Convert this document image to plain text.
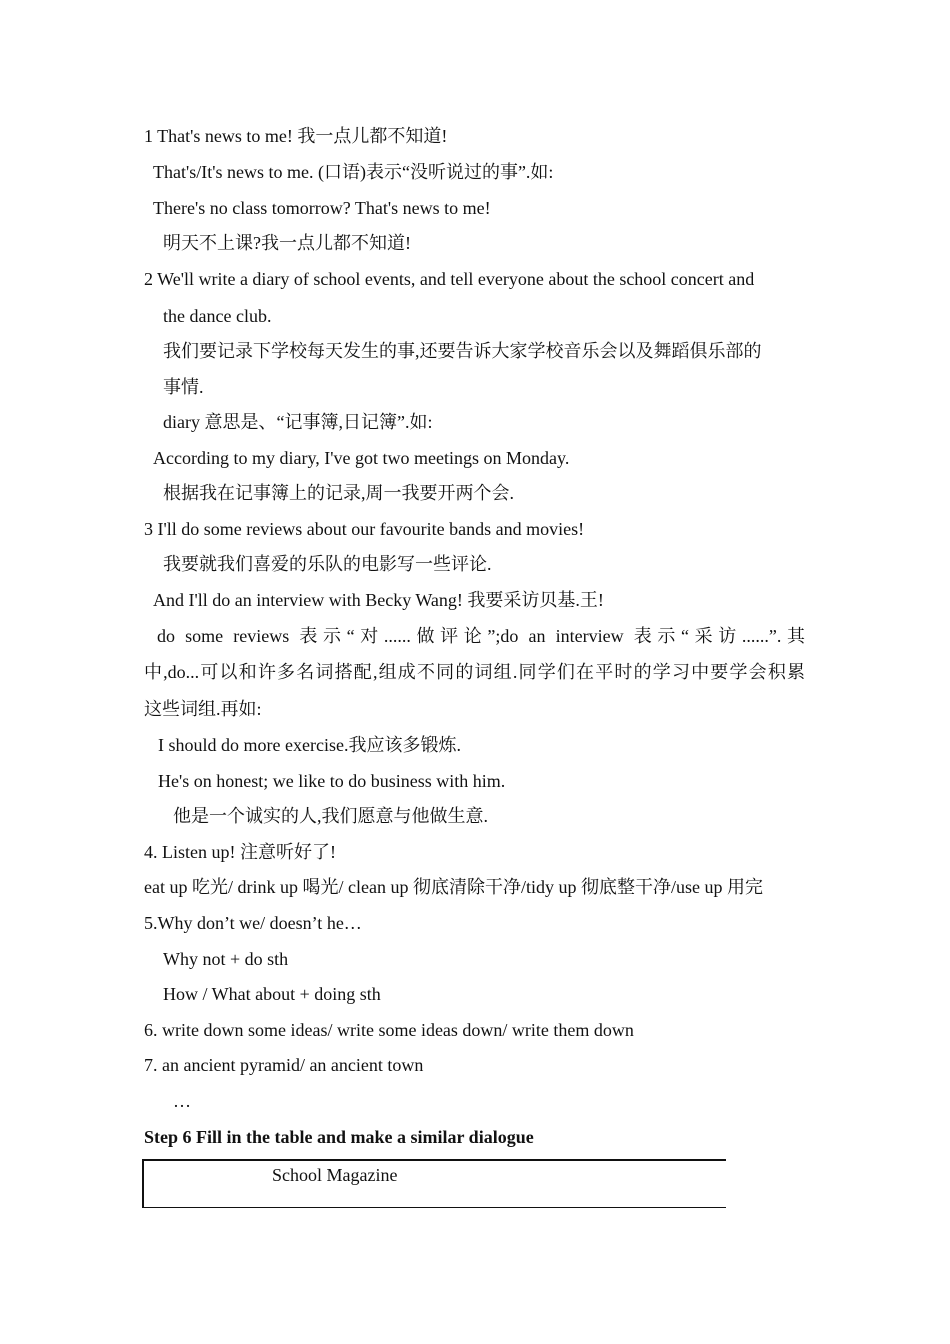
1 That's news to me! 我一点儿都不知道!
That's/It's news to me. (口语)表示“没听说过的事”.如:
There's no class tomorrow? That's news to me!
明天不上课?我一点儿都不知道!
2 We'll write a diary of school events, and tell everyone about the school concert and
the dance club.
我们要记录下学校每天发生的事,还要告诉大家学校音乐会以及舞蹈俱乐部的
事情.
diary 意思是、“记事簿,日记簿”.如:
According to my diary, I've got two meetings on Monday.
根据我在记事簿上的记录,周一我要开两个会.
3 I'll do some reviews about our favourite bands and movies!
我要就我们喜爱的乐队的电影写一些评论.
And I'll do an interview with Becky Wang! 我要采访贝基.王!
do some reviews 表示“对......做评论”;do an interview 表示“采访......”.其
中,do...可以和许多名词搭配,组成不同的词组.同学们在平时的学习中要学会积累
这些词组.再如:
I should do more exercise.我应该多锻炼.
He's on honest; we like to do business with him.
他是一个诚实的人,我们愿意与他做生意.
4. Listen up! 注意听好了!
eat up 吃光/ drink up 喝光/ clean up 彻底清除干净/tidy up 彻底整干净/use up 用完
5.Why don’t we/ doesn’t he…
Why not + do sth
How / What about + doing sth
6. write down some ideas/ write some ideas down/ write them down
7. an ancient pyramid/ an ancient town
…
Step 6 Fill in the table and make a similar dialogue
School Magazine
